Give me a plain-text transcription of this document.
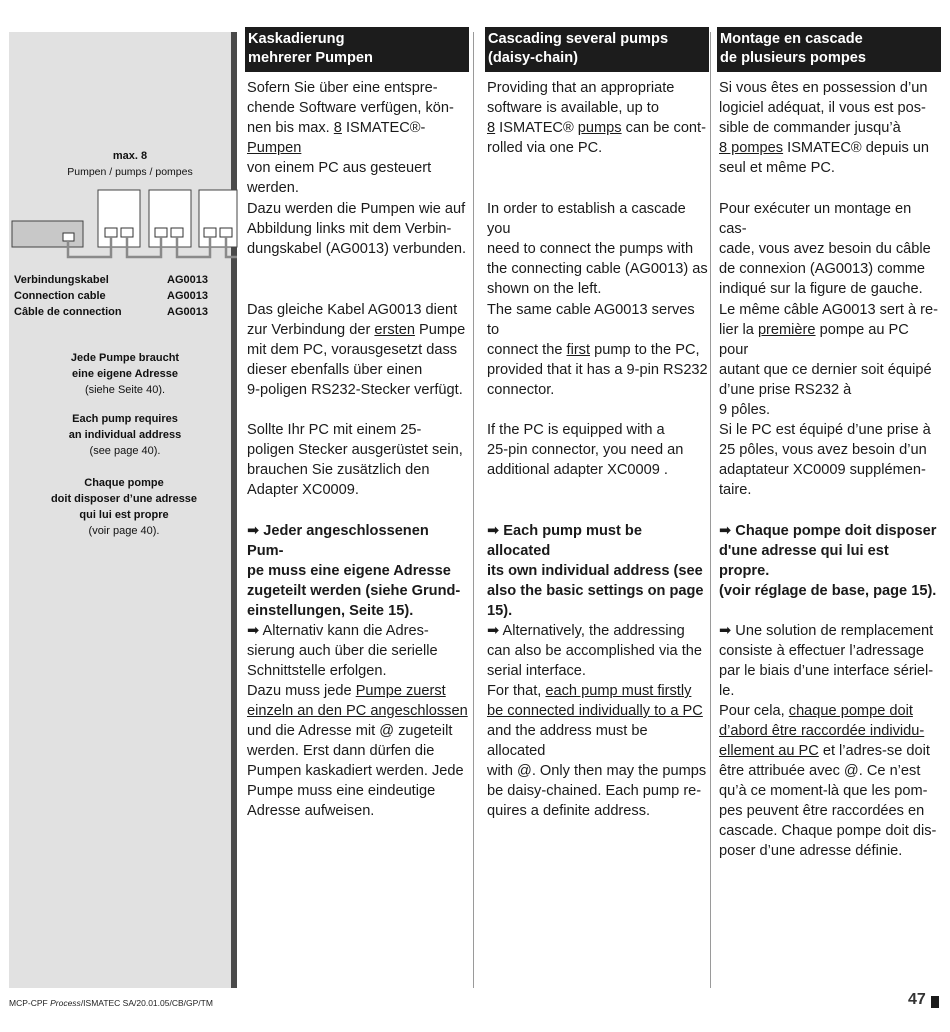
max. 8
Pumpen / pumps / pompes
Verbindungskabel	AG0013
Connection cable	AG0013
Câble de connection	AG0013
Jede Pumpe braucht
eine eigene Adresse
(siehe Seite 40).
Each pump requires
an individual address
(see page 40).
Chaque pompe
doit disposer d’une adresse
qui lui est propre
(voir page 40).
Kaskadierung
mehrerer Pumpen
Sofern Sie über eine entspre-
chende Software verfügen, kön-
nen bis max. 8 ISMATEC®-Pumpen
von einem PC aus gesteuert
werden.
Dazu werden die Pumpen wie auf
Abbildung links mit dem Verbin-
dungskabel (AG0013) verbunden.
Das gleiche Kabel AG0013 dient
zur Verbindung der ersten Pumpe
mit dem PC, vorausgesetzt dass
dieser ebenfalls über einen
9-poligen RS232-Stecker verfügt.
Sollte Ihr PC mit einem 25-
poligen Stecker ausgerüstet sein,
brauchen Sie zusätzlich den
Adapter XC0009.
➡ Jeder angeschlossenen Pum-
pe muss eine eigene Adresse
zugeteilt werden (siehe Grund-
einstellungen, Seite 15).
➡ Alternativ kann die Adres-
sierung auch über die serielle
Schnittstelle erfolgen.
Dazu muss jede Pumpe zuerst
einzeln an den PC angeschlossen
und die Adresse mit @ zugeteilt
werden. Erst dann dürfen die
Pumpen kaskadiert werden. Jede
Pumpe muss eine eindeutige
Adresse aufweisen.
Cascading several pumps
(daisy-chain)
Providing that an appropriate
software is available, up to
8 ISMATEC® pumps can be cont-
rolled via one PC.
In order to establish a cascade you
need to connect the pumps with
the connecting cable (AG0013) as
shown on the left.
The same cable AG0013 serves to
connect the first pump to the PC,
provided that it has a 9-pin RS232
connector.
If the PC is equipped with a
25-pin connector, you need an
additional adapter XC0009 .
➡ Each pump must be allocated
its own individual address (see
also the basic settings on page
15).
➡ Alternatively, the addressing
can also be accomplished via the
serial interface.
For that, each pump must firstly
be connected individually to a PC
and the address must be allocated
with @. Only then may the pumps
be daisy-chained. Each pump re-
quires a definite address.
Montage en cascade
de plusieurs pompes
Si vous êtes en possession d’un
logiciel adéquat, il vous est pos-
sible de commander jusqu’à
8 pompes ISMATEC® depuis un
seul et même PC.
Pour exécuter un montage en cas-
cade, vous avez besoin du câble
de connexion (AG0013) comme
indiqué sur la figure de gauche.
Le même câble AG0013 sert à re-
lier la première pompe au PC pour
autant que ce dernier soit équipé
d’une prise RS232 à
9 pôles.
Si le PC est équipé d’une prise à
25 pôles, vous avez besoin d’un
adaptateur XC0009 supplémen-
taire.
➡ Chaque pompe doit disposer
d'une adresse qui lui est propre.
(voir réglage de base, page 15).
➡ Une solution de remplacement
consiste à effectuer l’adressage
par le biais d’une interface sériel-
le.
Pour cela, chaque pompe doit
d’abord être raccordée individu-
ellement au PC et l’adres-se doit
être attribuée avec @. Ce n’est
qu’à ce moment-là que les pom-
pes peuvent être raccordées en
cascade. Chaque pompe doit dis-
poser d’une adresse définie.
MCP-CPF Process/ISMATEC SA/20.01.05/CB/GP/TM	47
